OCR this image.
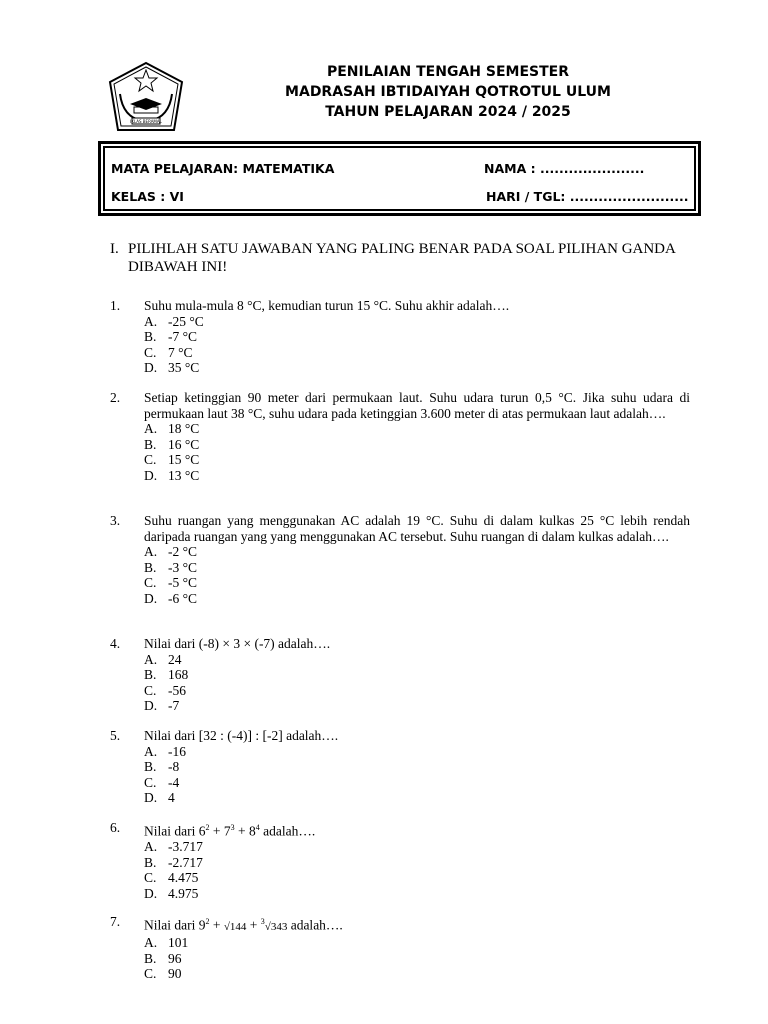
IKLAS BERAMAL
PENILAIAN TENGAH SEMESTER
MADRASAH IBTIDAIYAH QOTROTUL ULUM
TAHUN PELAJARAN 2024 / 2025
MATA PELAJARAN: MATEMATIKA	NAMA : ......................
KELAS : VI	HARI / TGL: .........................
I. PILIHLAH SATU JAWABAN YANG PALING BENAR PADA SOAL PILIHAN GANDA DIBAWAH INI!
1. Suhu mula-mula 8 °C, kemudian turun 15 °C. Suhu akhir adalah….
A. -25 °C
B. -7 °C
C. 7 °C
D. 35 °C
2. Setiap ketinggian 90 meter dari permukaan laut. Suhu udara turun 0,5 °C. Jika suhu udara di permukaan laut 38 °C, suhu udara pada ketinggian 3.600 meter di atas permukaan laut adalah….
A. 18 °C
B. 16 °C
C. 15 °C
D. 13 °C
3. Suhu ruangan yang menggunakan AC adalah 19 °C. Suhu di dalam kulkas 25 °C lebih rendah daripada ruangan yang yang menggunakan AC tersebut. Suhu ruangan di dalam kulkas adalah….
A. -2 °C
B. -3 °C
C. -5 °C
D. -6 °C
4. Nilai dari (-8) × 3 × (-7) adalah….
A. 24
B. 168
C. -56
D. -7
5. Nilai dari [32 : (-4)] : [-2] adalah….
A. -16
B. -8
C. -4
D. 4
6. Nilai dari $6^2 + 7^3 + 8^4$ adalah….
A. -3.717
B. -2.717
C. 4.475
D. 4.975
7. Nilai dari $9^2 + √144 + ^3√343$ adalah….
A. 101
B. 96
C. 90
